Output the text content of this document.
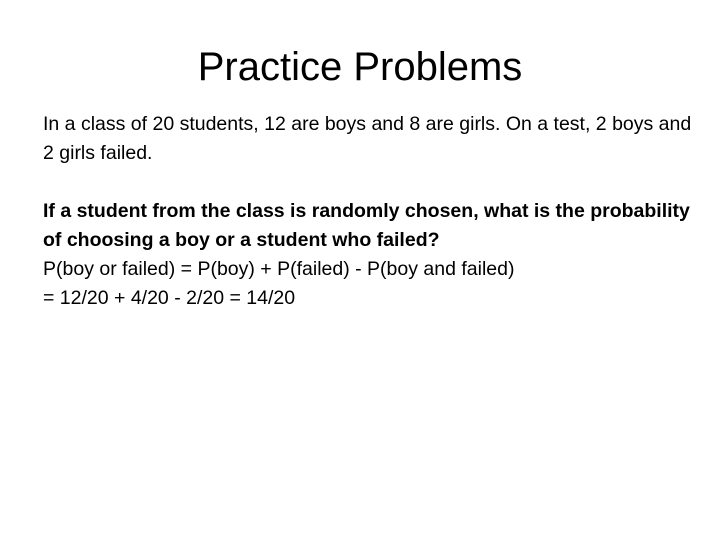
Practice Problems

In a class of 20 students, 12 are boys and 8 are girls. On a test, 2 boys and 2 girls failed.

If a student from the class is randomly chosen, what is the probability of choosing a boy or a student who failed?

P(boy or failed) = P(boy) + P(failed) - P(boy and failed)

= 12/20 + 4/20 - 2/20 = 14/20
